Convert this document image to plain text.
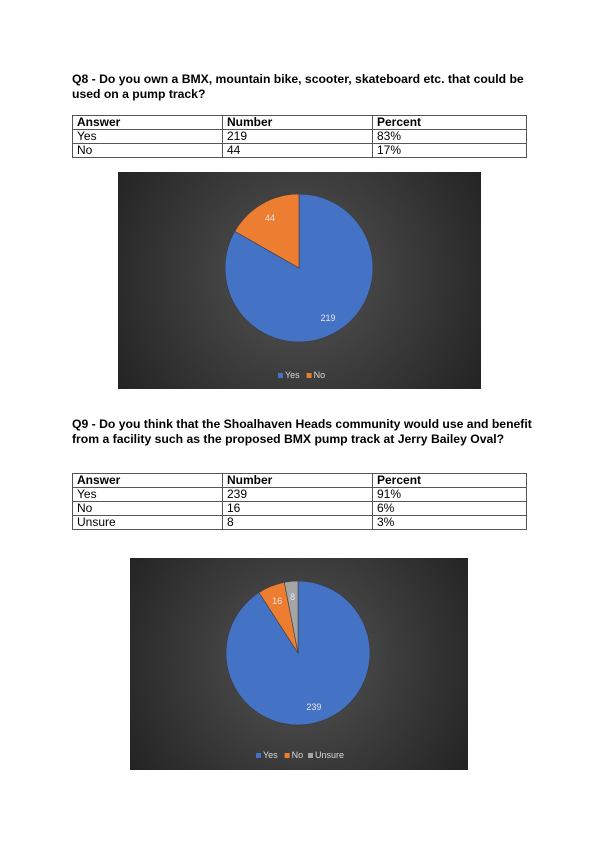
Q8 - Do you own a BMX, mountain bike, scooter, skateboard etc. that could be used on a pump track?
Answer	Number	Percent
Yes	219	83%
No	44	17%
219
44
Yes No
Q9 - Do you think that the Shoalhaven Heads community would use and benefit from a facility such as the proposed BMX pump track at Jerry Bailey Oval?
Answer	Number	Percent
Yes	239	91%
No	16	6%
Unsure	8	3%
239
16 8
Yes No Unsure
